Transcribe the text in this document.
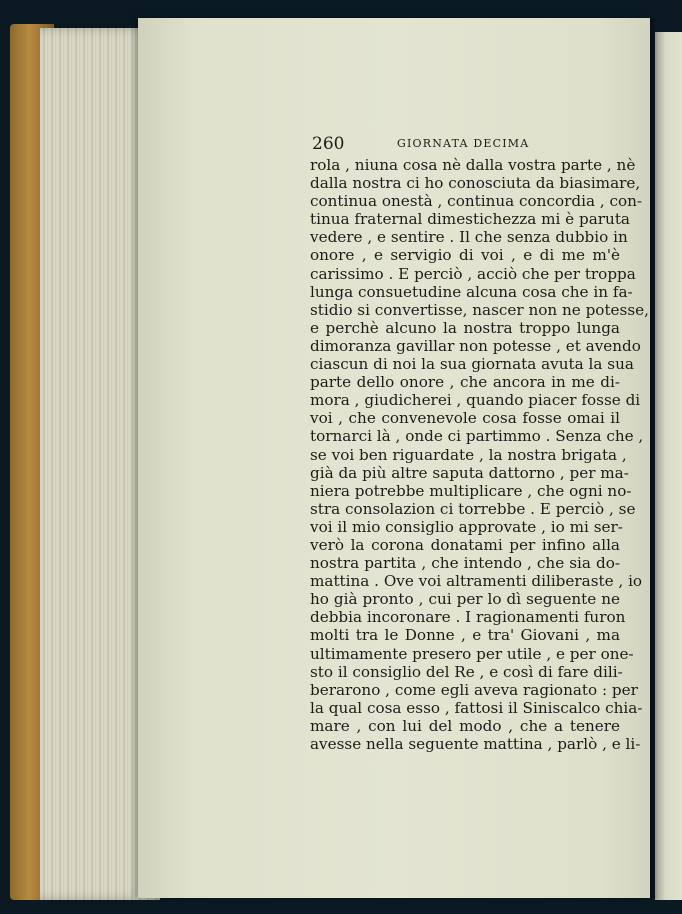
260	GIORNATA DECIMA
rola , niuna cosa nè dalla vostra parte , nè
dalla nostra ci ho conosciuta da biasimare,
continua onestà , continua concordia , con-
tinua fraternal dimestichezza mi è paruta
vedere , e sentire . Il che senza dubbio in
onore , e servigio di voi , e di me m'è
carissimo . E perciò , acciò che per troppa
lunga consuetudine alcuna cosa che in fa-
stidio si convertisse, nascer non ne potesse,
e perchè alcuno la nostra troppo lunga
dimoranza gavillar non potesse , et avendo
ciascun di noi la sua giornata avuta la sua
parte dello onore , che ancora in me di-
mora , giudicherei , quando piacer fosse di
voi , che convenevole cosa fosse omai il
tornarci là , onde ci partimmo . Senza che ,
se voi ben riguardate , la nostra brigata ,
già da più altre saputa dattorno , per ma-
niera potrebbe multiplicare , che ogni no-
stra consolazion ci torrebbe . E perciò , se
voi il mio consiglio approvate , io mi ser-
verò la corona donatami per infino alla
nostra partita , che intendo , che sia do-
mattina . Ove voi altramenti diliberaste , io
ho già pronto , cui per lo dì seguente ne
debbia incoronare . I ragionamenti furon
molti tra le Donne , e tra' Giovani , ma
ultimamente presero per utile , e per one-
sto il consiglio del Re , e così di fare dili-
berarono , come egli aveva ragionato : per
la qual cosa esso , fattosi il Siniscalco chia-
mare , con lui del modo , che a tenere
avesse nella seguente mattina , parlò , e li-
